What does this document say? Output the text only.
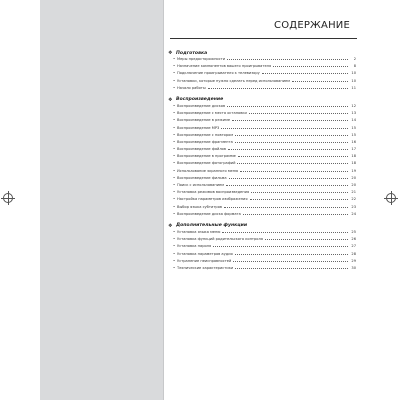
СОДЕРЖАНИЕ
❖ Подготовка
• Меры предосторожности	2
• Назначение компонентов вашего проигрывателя	8
• Подключение проигрывателя к телевизору	10
• Установки, которые нужно сделать перед использованием	10
• Начало работы	11
❖ Воспроизведение
• Воспроизведение дисков	12
• Воспроизведение с места остановки	13
• Воспроизведение в режиме	14
• Воспроизведение МР3	15
• Воспроизведение с повтором	15
• Воспроизведение фрагмента	16
• Воспроизведение файлов	17
• Воспроизведение в программе	18
• Воспроизведение фотографий	18
• Использование экранного меню	19
• Воспроизведение фильма	20
• Поиск с использованием	20
• Установка режимов воспроизведения	21
• Настройка параметров изображения	22
• Выбор языка субтитров	23
• Воспроизведение диска формата	24
❖ Дополнительные функции
• Установка языка меню	25
• Установка функций родительского контроля	26
• Установка пароля	27
• Установка параметров аудио	28
• Устранение неисправностей	29
• Технические характеристики	30
